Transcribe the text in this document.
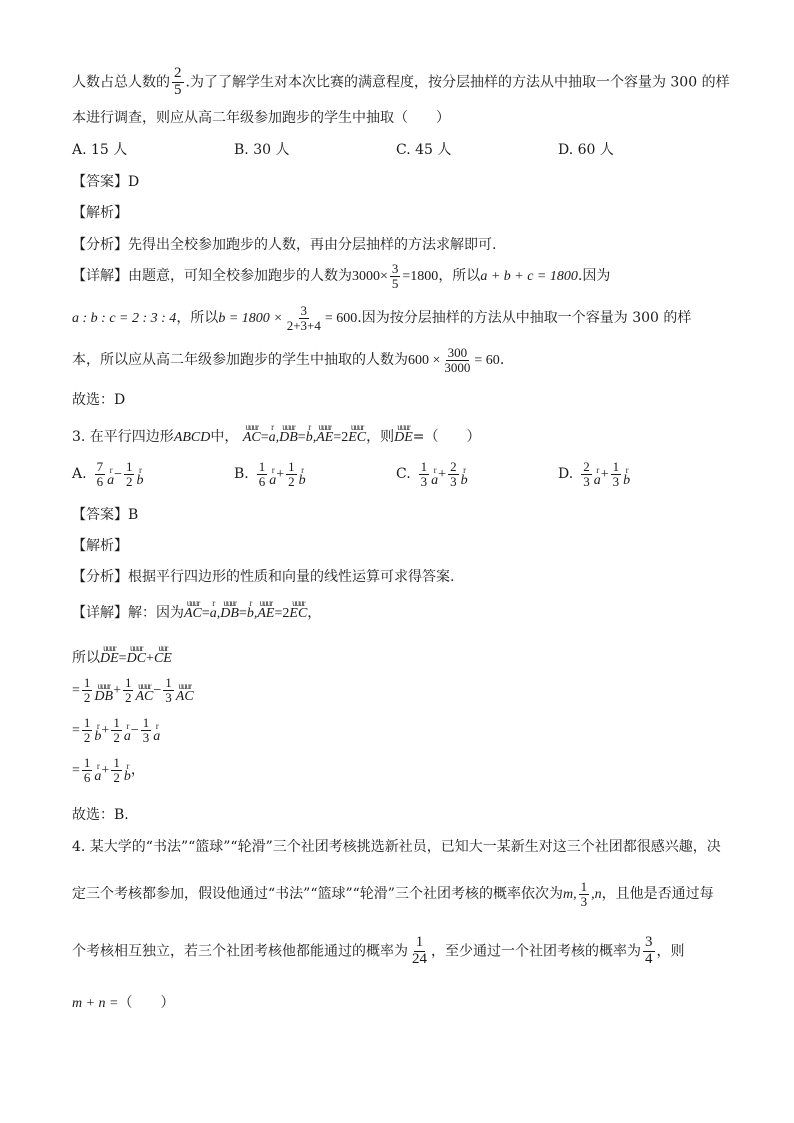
人数占总人数的 $\frac{2}{5}$ .为了了解学生对本次比赛的满意程度，按分层抽样的方法从中抽取一个容量为 300 的样
本进行调查，则应从高二年级参加跑步的学生中抽取（　　）
A. 15 人	B. 30 人	C. 45 人	D. 60 人
【答案】D
【解析】
【分析】先得出全校参加跑步的人数，再由分层抽样的方法求解即可.
【详解】由题意，可知全校参加跑步的人数为$3000\times \frac{3}{5} =1800$，所以a + b + c = 1800.因为
a : b : c = 2 : 3 : 4，所以$b = 1800 \times \frac{3}{2+3+4} = 600$.因为按分层抽样的方法从中抽取一个容量为 300 的样
本，所以应从高二年级参加跑步的学生中抽取的人数为$600 \times \frac{300}{3000} = 60$.
故选：D
3. 在平行四边形ABCD中，
uuur
AC =
r
a ,
uuur
DB =
r
b ,
uuur
AE =2
uuur
EC ，则
uuur
DE =（　　）
A. $\frac{7}{6}$ r
$a - \frac{1}{2}$ r
b	B. $\frac{1}{6}$ r
$a + \frac{1}{2}$ r
b	C. $\frac{1}{3}$ r
$a + \frac{2}{3}$ r
b	D. $\frac{2}{3}$ r
$a + \frac{1}{3}$ r
b
【答案】B
【解析】
【分析】根据平行四边形的性质和向量的线性运算可求得答案.
【详解】解：因为
uuur
AC =
r
a ,
uuur
DB =
r
b ,
uuur
AE =2
uuur
EC ，
所以
uuur
DE =
uuur
DC +
uur
CE
= $\frac{1}{2}$ uuur
DB + $\frac{1}{2}$ uuur
AC − $\frac{1}{3}$ uuur
AC
= $\frac{1}{2}$ r
$b + \frac{1}{2}$ r
$a - \frac{1}{3}$ r
a
= $\frac{1}{6}$ r
$a + \frac{1}{2}$ r
b ，
故选：B.
4. 某大学的“书法”“篮球”“轮滑”三个社团考核挑选新社员，已知大一某新生对这三个社团都很感兴趣，决
定三个考核都参加，假设他通过“书法”“篮球”“轮滑”三个社团考核的概率依次为m, $\frac{1}{3} ,n$，且他是否通过每
个考核相互独立，若三个社团考核他都能通过的概率为 $\frac{1}{24}$ ，至少通过一个社团考核的概率为 $\frac{3}{4}$ ，则
m + n =（　　）
